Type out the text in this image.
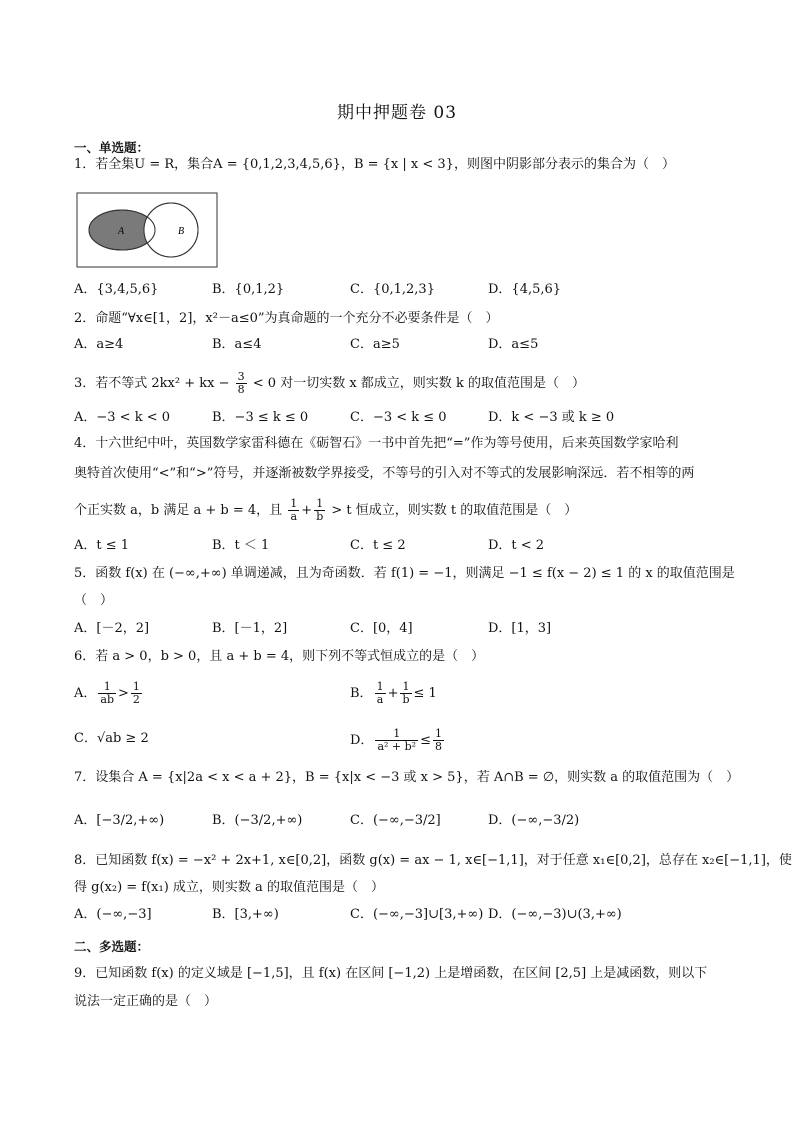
期中押题卷 03
一、单选题：
1．若全集U = R，集合A = {0,1,2,3,4,5,6}，B = {x | x < 3}，则图中阴影部分表示的集合为（　）
A	B
A．{3,4,5,6}	B．{0,1,2}	C．{0,1,2,3}	D．{4,5,6}
2．命题“∀x∈[1，2]，x²－a≤0”为真命题的一个充分不必要条件是（　）
A．a≥4	B．a≤4	C．a≥5	D．a≤5
3．若不等式 2kx² + kx − $\frac{3}{8} < 0$ 对一切实数 x 都成立，则实数 k 的取值范围是（　）
A．−3 < k < 0	B．−3 ≤ k ≤ 0	C．−3 < k ≤ 0	D．k < −3 或 k ≥ 0
4．十六世纪中叶，英国数学家雷科德在《砺智石》一书中首先把“=”作为等号使用，后来英国数学家哈利
奥特首次使用“<”和“>”符号，并逐渐被数学界接受，不等号的引入对不等式的发展影响深远．若不相等的两
个正实数 a，b 满足 a + b = 4，且 $\frac{1}{a} + \frac{1}{b} > t$ 恒成立，则实数 t 的取值范围是（　）
A．t ≤ 1	B．t ＜ 1	C．t ≤ 2	D．t < 2
5．函数 f(x) 在 (−∞,+∞) 单调递减，且为奇函数．若 f(1) = −1，则满足 −1 ≤ f(x − 2) ≤ 1 的 x 的取值范围是
（　）
A．[－2，2]	B．[－1，2]	C．[0，4]	D．[1，3]
6．若 a > 0，b > 0，且 a + b = 4，则下列不等式恒成立的是（　）
A． $\frac{1}{ab} > \frac{1}{2}$	B． $\frac{1}{a} + \frac{1}{b} \le 1$
C．√ab ≥ 2	D． $\frac{1}{\text{a² + b²}} \le \frac{1}{8}$
7．设集合 A = {x|2a < x < a + 2}，B = {x|x < −3 或 x > 5}，若 A∩B = ∅，则实数 a 的取值范围为（　）
A．[−3/2,+∞)	B．(−3/2,+∞)	C．(−∞,−3/2]	D．(−∞,−3/2)
8．已知函数 f(x) = −x² + 2x+1, x∈[0,2]，函数 g(x) = ax − 1, x∈[−1,1]，对于任意 x₁∈[0,2]，总存在 x₂∈[−1,1]，使
得 g(x₂) = f(x₁) 成立，则实数 a 的取值范围是（　）
A．(−∞,−3]	B．[3,+∞)	C．(−∞,−3]∪[3,+∞) D．(−∞,−3)∪(3,+∞)
二、多选题：
9．已知函数 f(x) 的定义域是 [−1,5]，且 f(x) 在区间 [−1,2) 上是增函数，在区间 [2,5] 上是减函数，则以下
说法一定正确的是（　）
